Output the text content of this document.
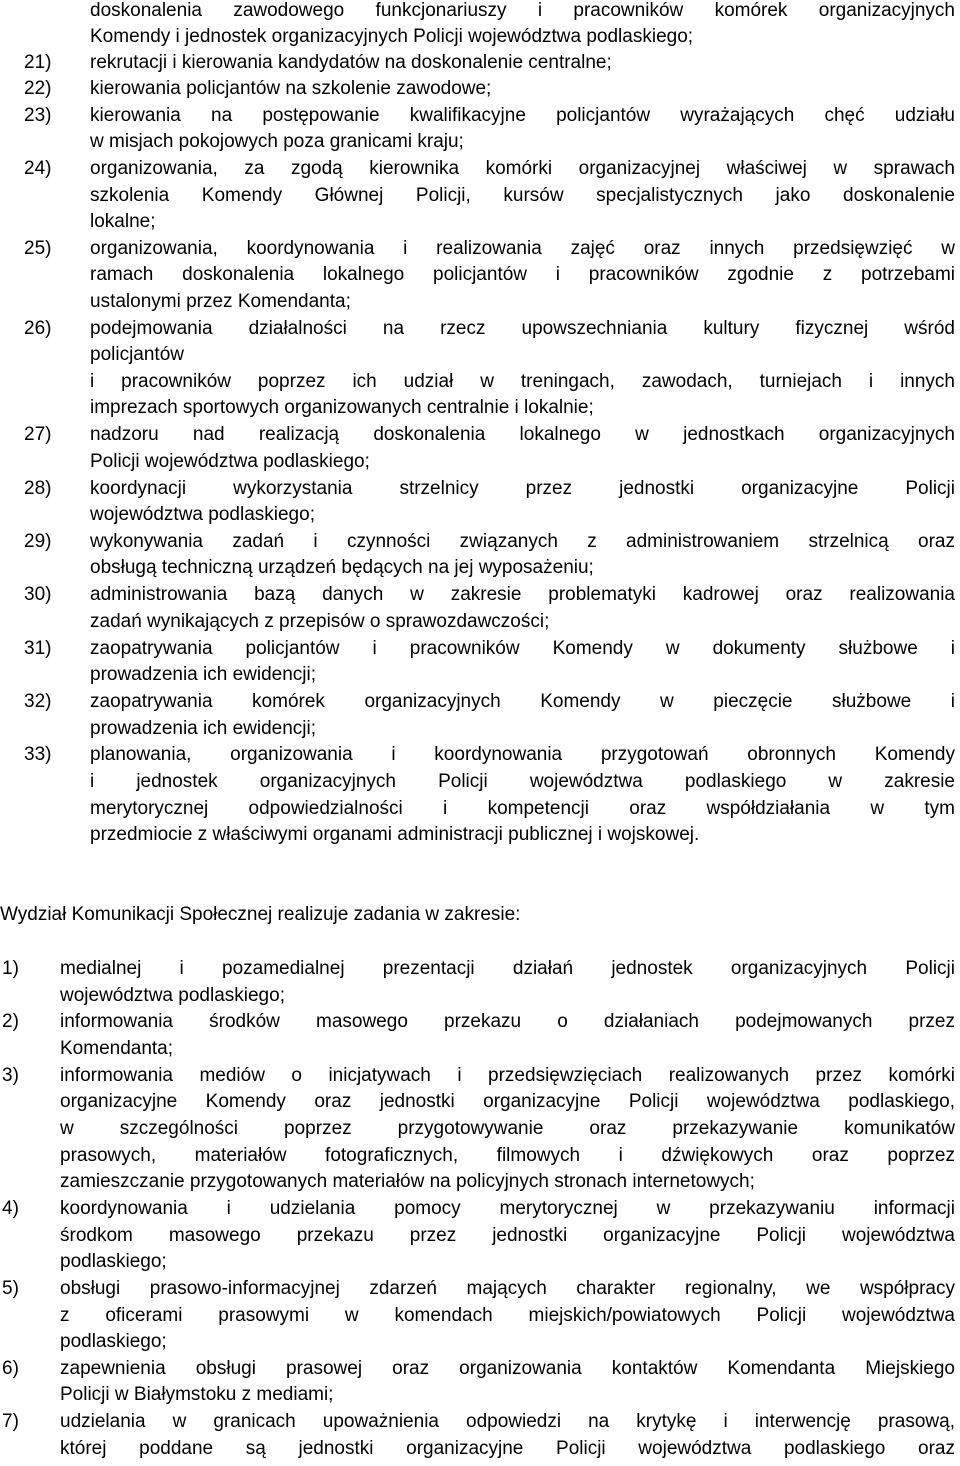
doskonalenia zawodowego funkcjonariuszy i pracowników komórek organizacyjnych
Komendy i jednostek organizacyjnych Policji województwa podlaskiego;
21) rekrutacji i kierowania kandydatów na doskonalenie centralne;
22) kierowania policjantów na szkolenie zawodowe;
23) kierowania na postępowanie kwalifikacyjne policjantów wyrażających chęć udziału
w misjach pokojowych poza granicami kraju;
24) organizowania, za zgodą kierownika komórki organizacyjnej właściwej w sprawach
szkolenia Komendy Głównej Policji, kursów specjalistycznych jako doskonalenie
lokalne;
25) organizowania, koordynowania i realizowania zajęć oraz innych przedsięwzięć w
ramach doskonalenia lokalnego policjantów i pracowników zgodnie z potrzebami
ustalonymi przez Komendanta;
26) podejmowania działalności na rzecz upowszechniania kultury fizycznej wśród
policjantów
i pracowników poprzez ich udział w treningach, zawodach, turniejach i innych
imprezach sportowych organizowanych centralnie i lokalnie;
27) nadzoru nad realizacją doskonalenia lokalnego w jednostkach organizacyjnych
Policji województwa podlaskiego;
28) koordynacji wykorzystania strzelnicy przez jednostki organizacyjne Policji
województwa podlaskiego;
29) wykonywania zadań i czynności związanych z administrowaniem strzelnicą oraz
obsługą techniczną urządzeń będących na jej wyposażeniu;
30) administrowania bazą danych w zakresie problematyki kadrowej oraz realizowania
zadań wynikających z przepisów o sprawozdawczości;
31) zaopatrywania policjantów i pracowników Komendy w dokumenty służbowe i
prowadzenia ich ewidencji;
32) zaopatrywania komórek organizacyjnych Komendy w pieczęcie służbowe i
prowadzenia ich ewidencji;
33) planowania, organizowania i koordynowania przygotowań obronnych Komendy
i jednostek organizacyjnych Policji województwa podlaskiego w zakresie
merytorycznej odpowiedzialności i kompetencji oraz współdziałania w tym
przedmiocie z właściwymi organami administracji publicznej i wojskowej.
Wydział Komunikacji Społecznej realizuje zadania w zakresie:
1) medialnej i pozamedialnej prezentacji działań jednostek organizacyjnych Policji
województwa podlaskiego;
2) informowania środków masowego przekazu o działaniach podejmowanych przez
Komendanta;
3) informowania mediów o inicjatywach i przedsięwzięciach realizowanych przez komórki
organizacyjne Komendy oraz jednostki organizacyjne Policji województwa podlaskiego,
w szczególności poprzez przygotowywanie oraz przekazywanie komunikatów
prasowych, materiałów fotograficznych, filmowych i dźwiękowych oraz poprzez
zamieszczanie przygotowanych materiałów na policyjnych stronach internetowych;
4) koordynowania i udzielania pomocy merytorycznej w przekazywaniu informacji
środkom masowego przekazu przez jednostki organizacyjne Policji województwa
podlaskiego;
5) obsługi prasowo-informacyjnej zdarzeń mających charakter regionalny, we współpracy
z oficerami prasowymi w komendach miejskich/powiatowych Policji województwa
podlaskiego;
6) zapewnienia obsługi prasowej oraz organizowania kontaktów Komendanta Miejskiego
Policji w Białymstoku z mediami;
7) udzielania w granicach upoważnienia odpowiedzi na krytykę i interwencję prasową,
której poddane są jednostki organizacyjne Policji województwa podlaskiego oraz
